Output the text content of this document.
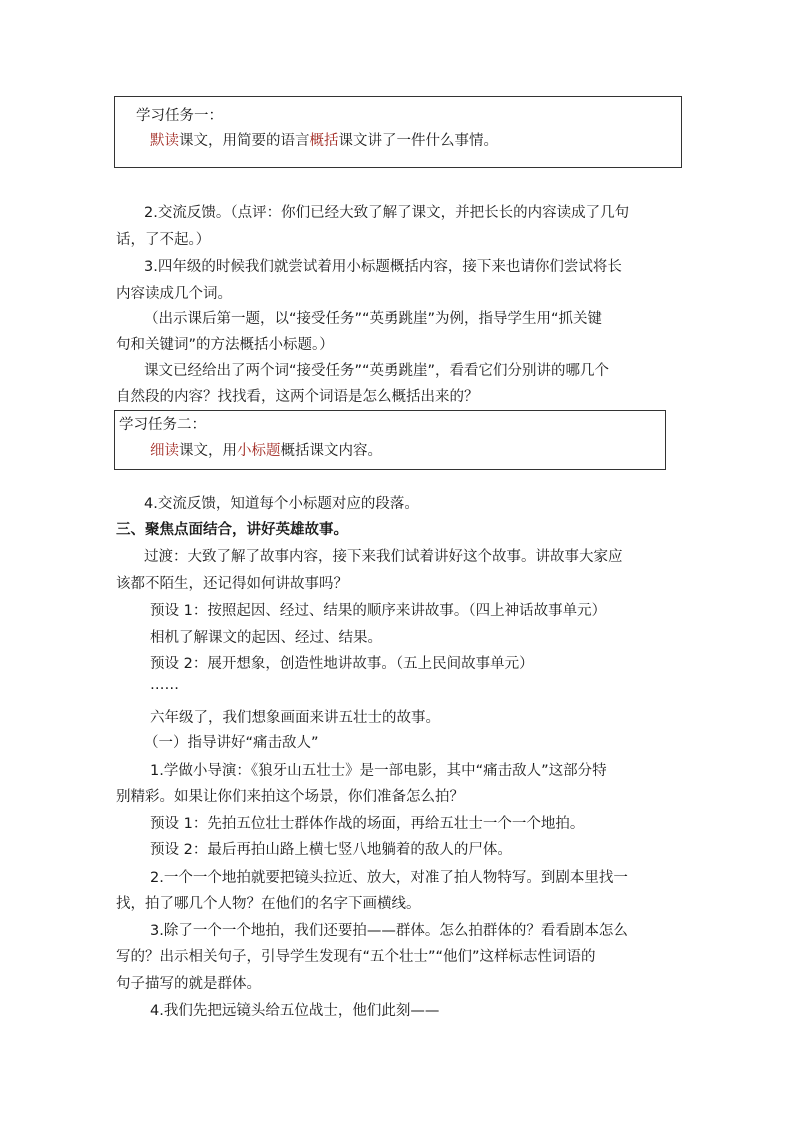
学习任务一：
默读课文，用简要的语言概括课文讲了一件什么事情。
2.交流反馈。（点评：你们已经大致了解了课文，并把长长的内容读成了几句
话，了不起。）
3.四年级的时候我们就尝试着用小标题概括内容，接下来也请你们尝试将长
内容读成几个词。
（出示课后第一题，以“接受任务”“英勇跳崖”为例，指导学生用“抓关键
句和关键词”的方法概括小标题。）
课文已经给出了两个词“接受任务”“英勇跳崖”，看看它们分别讲的哪几个
自然段的内容？找找看，这两个词语是怎么概括出来的？
学习任务二：
细读课文，用小标题概括课文内容。
4.交流反馈，知道每个小标题对应的段落。
三、聚焦点面结合，讲好英雄故事。
过渡：大致了解了故事内容，接下来我们试着讲好这个故事。讲故事大家应
该都不陌生，还记得如何讲故事吗？
预设 1：按照起因、经过、结果的顺序来讲故事。（四上神话故事单元）
相机了解课文的起因、经过、结果。
预设 2：展开想象，创造性地讲故事。（五上民间故事单元）
……
六年级了，我们想象画面来讲五壮士的故事。
（一）指导讲好“痛击敌人”
1.学做小导演：《狼牙山五壮士》是一部电影，其中“痛击敌人”这部分特
别精彩。如果让你们来拍这个场景，你们准备怎么拍？
预设 1：先拍五位壮士群体作战的场面，再给五壮士一个一个地拍。
预设 2：最后再拍山路上横七竖八地躺着的敌人的尸体。
2.一个一个地拍就要把镜头拉近、放大，对准了拍人物特写。到剧本里找一
找，拍了哪几个人物？在他们的名字下画横线。
3.除了一个一个地拍，我们还要拍——群体。怎么拍群体的？看看剧本怎么
写的？出示相关句子，引导学生发现有“五个壮士”“他们”这样标志性词语的
句子描写的就是群体。
4.我们先把远镜头给五位战士，他们此刻——
